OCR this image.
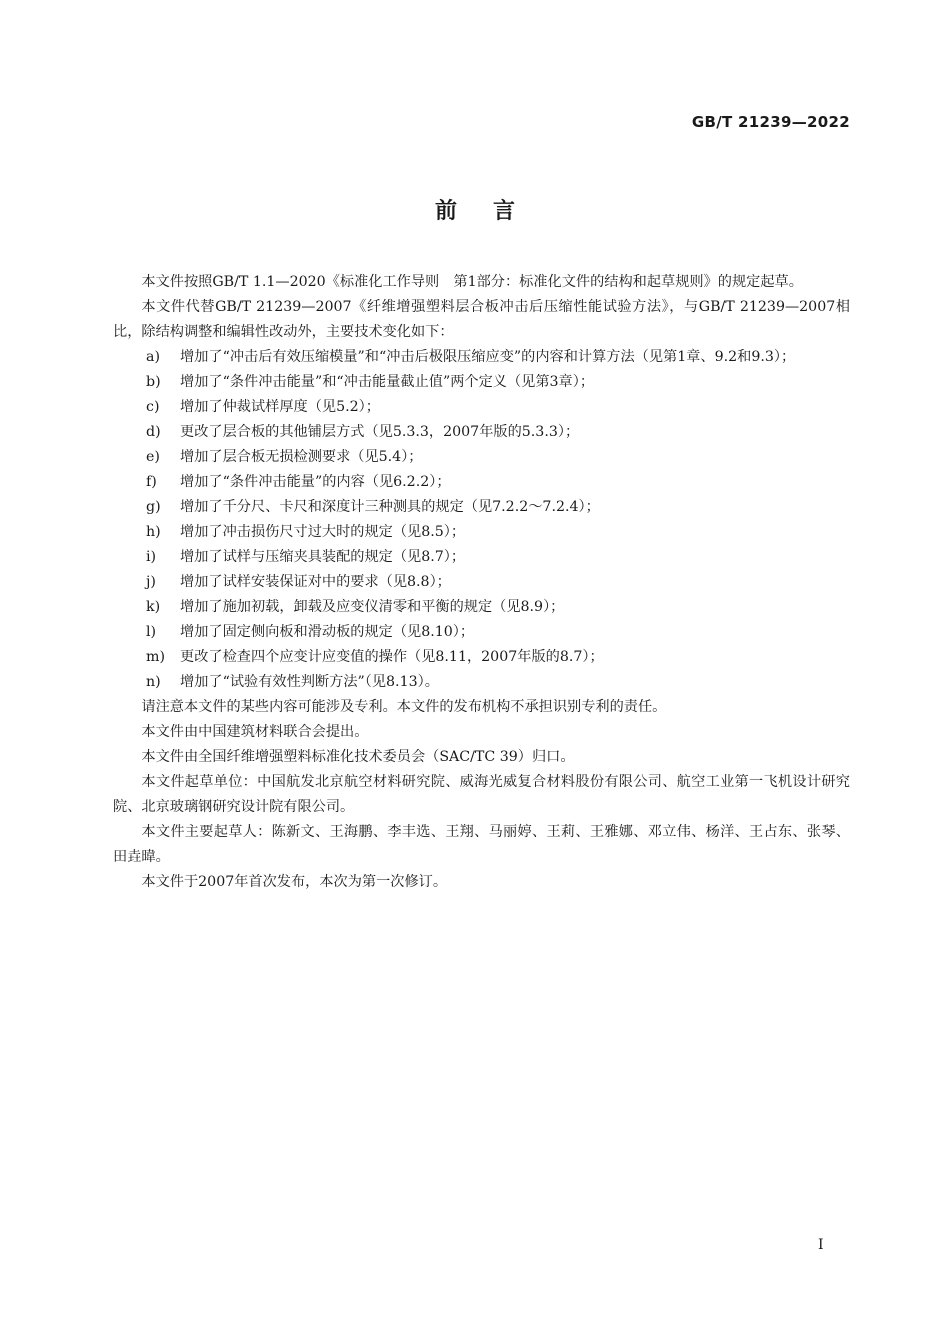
GB/T 21239—2022
前言

本文件按照GB/T 1.1—2020《标准化工作导则　第1部分：标准化文件的结构和起草规则》的规定起草。

本文件代替GB/T 21239—2007《纤维增强塑料层合板冲击后压缩性能试验方法》，与GB/T 21239—2007相比，除结构调整和编辑性改动外，主要技术变化如下：

a) 增加了“冲击后有效压缩模量”和“冲击后极限压缩应变”的内容和计算方法（见第1章、9.2和9.3）；
b) 增加了“条件冲击能量”和“冲击能量截止值”两个定义（见第3章）；
c) 增加了仲裁试样厚度（见5.2）；
d) 更改了层合板的其他铺层方式（见5.3.3，2007年版的5.3.3）；
e) 增加了层合板无损检测要求（见5.4）；
f) 增加了“条件冲击能量”的内容（见6.2.2）；
g) 增加了千分尺、卡尺和深度计三种测具的规定（见7.2.2～7.2.4）；
h) 增加了冲击损伤尺寸过大时的规定（见8.5）；
i) 增加了试样与压缩夹具装配的规定（见8.7）；
j) 增加了试样安装保证对中的要求（见8.8）；
k) 增加了施加初载，卸载及应变仪清零和平衡的规定（见8.9）；
l) 增加了固定侧向板和滑动板的规定（见8.10）；
m) 更改了检查四个应变计应变值的操作（见8.11，2007年版的8.7）；
n) 增加了“试验有效性判断方法”（见8.13）。

请注意本文件的某些内容可能涉及专利。本文件的发布机构不承担识别专利的责任。

本文件由中国建筑材料联合会提出。

本文件由全国纤维增强塑料标准化技术委员会（SAC/TC 39）归口。

本文件起草单位：中国航发北京航空材料研究院、威海光威复合材料股份有限公司、航空工业第一飞机设计研究院、北京玻璃钢研究设计院有限公司。

本文件主要起草人：陈新文、王海鹏、李丰选、王翔、马丽婷、王莉、王雅娜、邓立伟、杨洋、王占东、张琴、田垚暐。

本文件于2007年首次发布，本次为第一次修订。

I
